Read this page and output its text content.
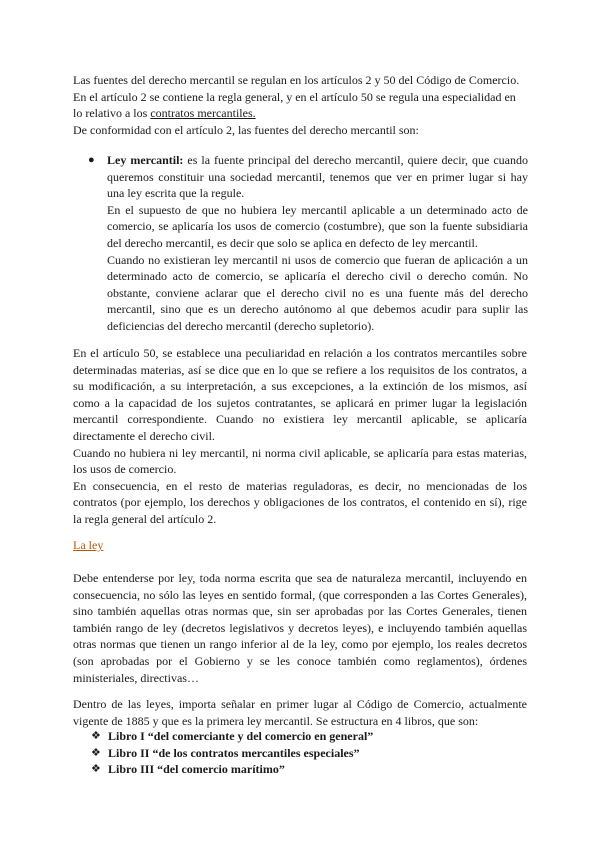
Las fuentes del derecho mercantil se regulan en los artículos 2 y 50 del Código de Comercio.

En el artículo 2 se contiene la regla general, y en el artículo 50 se regula una especialidad en lo relativo a los contratos mercantiles.

De conformidad con el artículo 2, las fuentes del derecho mercantil son:

● Ley mercantil: es la fuente principal del derecho mercantil, quiere decir, que cuando queremos constituir una sociedad mercantil, tenemos que ver en primer lugar si hay una ley escrita que la regule.

En el supuesto de que no hubiera ley mercantil aplicable a un determinado acto de comercio, se aplicaría los usos de comercio (costumbre), que son la fuente subsidiaria del derecho mercantil, es decir que solo se aplica en defecto de ley mercantil.

Cuando no existieran ley mercantil ni usos de comercio que fueran de aplicación a un determinado acto de comercio, se aplicaría el derecho civil o derecho común. No obstante, conviene aclarar que el derecho civil no es una fuente más del derecho mercantil, sino que es un derecho autónomo al que debemos acudir para suplir las deficiencias del derecho mercantil (derecho supletorio).

En el artículo 50, se establece una peculiaridad en relación a los contratos mercantiles sobre determinadas materias, así se dice que en lo que se refiere a los requisitos de los contratos, a su modificación, a su interpretación, a sus excepciones, a la extinción de los mismos, así como a la capacidad de los sujetos contratantes, se aplicará en primer lugar la legislación mercantil correspondiente. Cuando no existiera ley mercantil aplicable, se aplicaría directamente el derecho civil.

Cuando no hubiera ni ley mercantil, ni norma civil aplicable, se aplicaría para estas materias, los usos de comercio.

En consecuencia, en el resto de materias reguladoras, es decir, no mencionadas de los contratos (por ejemplo, los derechos y obligaciones de los contratos, el contenido en sí), rige la regla general del artículo 2.

La ley

Debe entenderse por ley, toda norma escrita que sea de naturaleza mercantil, incluyendo en consecuencia, no sólo las leyes en sentido formal, (que corresponden a las Cortes Generales), sino también aquellas otras normas que, sin ser aprobadas por las Cortes Generales, tienen también rango de ley (decretos legislativos y decretos leyes), e incluyendo también aquellas otras normas que tienen un rango inferior al de la ley, como por ejemplo, los reales decretos (son aprobadas por el Gobierno y se les conoce también como reglamentos), órdenes ministeriales, directivas…

Dentro de las leyes, importa señalar en primer lugar al Código de Comercio, actualmente vigente de 1885 y que es la primera ley mercantil. Se estructura en 4 libros, que son:

❖ Libro I “del comerciante y del comercio en general”
❖ Libro II “de los contratos mercantiles especiales”
❖ Libro III “del comercio marítimo”
